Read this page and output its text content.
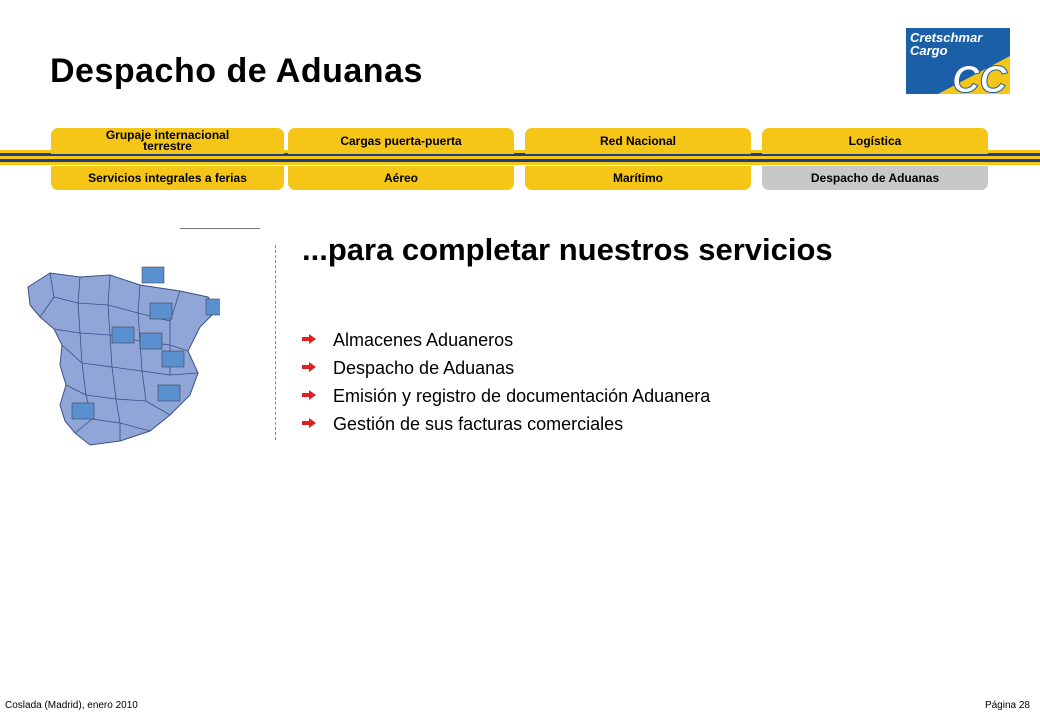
Despacho de Aduanas
Cretschmar
Cargo
CC
Grupaje internacional
terrestre	Cargas puerta-puerta	Red Nacional	Logística
Servicios integrales a ferias	Aéreo	Marítimo	Despacho de Aduanas
...para completar nuestros servicios
Almacenes Aduaneros
Despacho de Aduanas
Emisión y registro de documentación Aduanera
Gestión de sus facturas comerciales
Coslada (Madrid), enero 2010	Página 28
